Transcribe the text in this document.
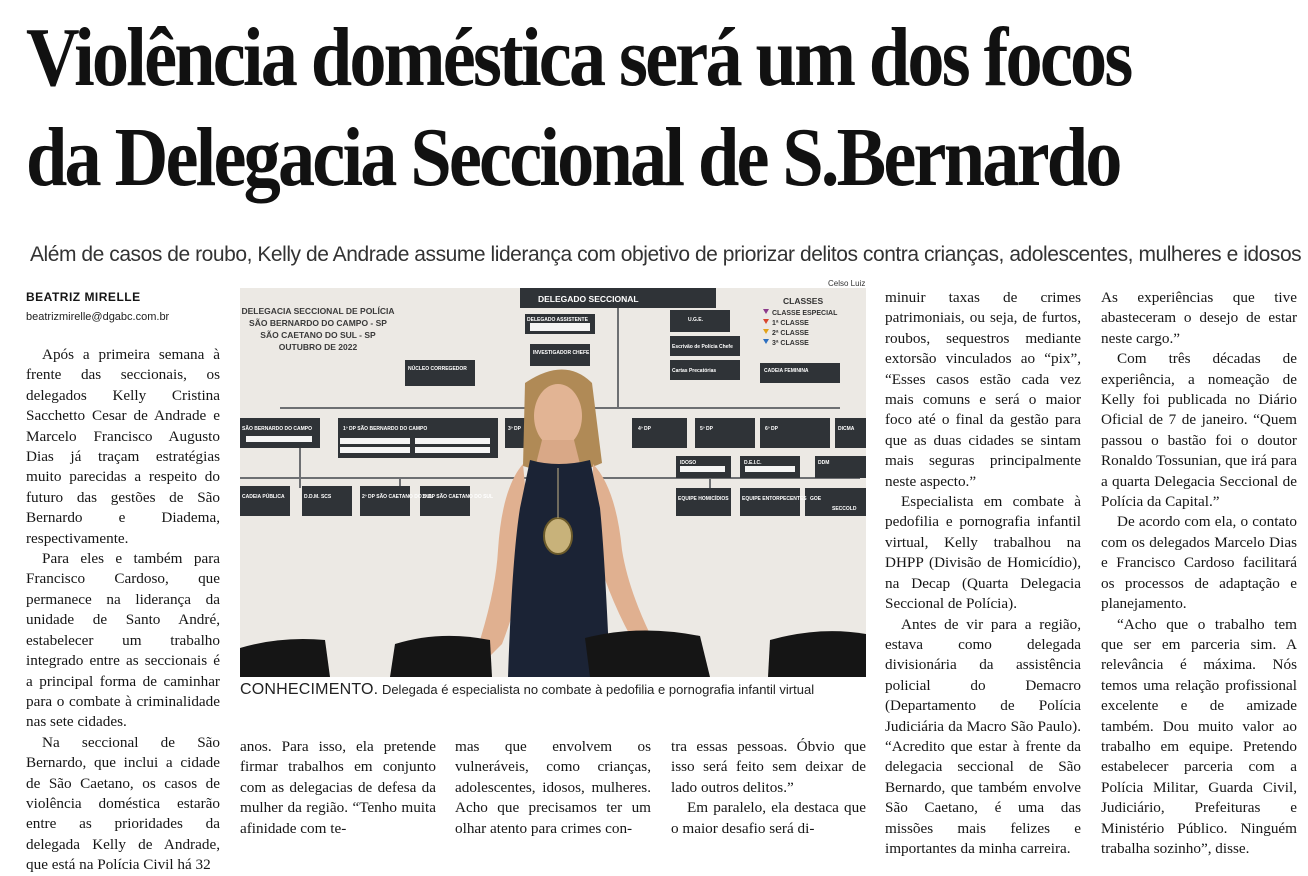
Violência doméstica será um dos focos
da Delegacia Seccional de S.Bernardo

Além de casos de roubo, Kelly de Andrade assume liderança com objetivo de priorizar delitos contra crianças, adolescentes, mulheres e idosos

BEATRIZ MIRELLE
beatrizmirelle@dgabc.com.br

Após a primeira semana à frente das seccionais, os delegados Kelly Cristina Sacchetto Cesar de Andrade e Marcelo Francisco Augusto Dias já traçam estratégias muito parecidas a respeito do futuro das gestões de São Bernardo e Diadema, respectivamente.

Para eles e também para Francisco Cardoso, que permanece na liderança da unidade de Santo André, estabelecer um trabalho integrado entre as seccionais é a principal forma de caminhar para o combate à criminalidade nas sete cidades.

Na seccional de São Bernardo, que inclui a cidade de São Caetano, os casos de violência doméstica estarão entre as prioridades da delegada Kelly de Andrade, que está na Polícia Civil há 32

Celso Luiz
DELEGADO SECCIONAL
DELEGACIA SECCIONAL DE POLÍCIA
SÃO BERNARDO DO CAMPO - SP
SÃO CAETANO DO SUL - SP
OUTUBRO DE 2022
CLASSES
CLASSE ESPECIAL
1ª CLASSE
2ª CLASSE
3ª CLASSE
DELEGADO ASSISTENTE	U.G.E.
INVESTIGADOR CHEFE
Escrivão de Polícia Chefe
Cartas Precatórias
NÚCLEO CORREGEDOR	CADEIA FEMININA
SÃO BERNARDO DO CAMPO	1º DP SÃO BERNARDO DO CAMPO	3º DP	4º DP	5º DP	6º DP
IDOSO	D.E.I.C.	DDM
DICMA
CADEIA PÚBLICA	D.D.M. SCS	2º DP SÃO CAETANO DO SUL
1º DP SÃO CAETANO DO SUL	EQUIPE HOMICÍDIOS	EQUIPE ENTORPECENTES GOE
SECCOLD
CONHECIMENTO. Delegada é especialista no combate à pedofilia e pornografia infantil virtual

anos. Para isso, ela pretende firmar trabalhos em conjunto com as delegacias de defesa da mulher da região. “Tenho muita afinidade com te-

mas que envolvem os vulneráveis, como crianças, adolescentes, idosos, mulheres. Acho que precisamos ter um olhar atento para crimes con-

tra essas pessoas. Óbvio que isso será feito sem deixar de lado outros delitos.”

Em paralelo, ela destaca que o maior desafio será di-

minuir taxas de crimes patrimoniais, ou seja, de furtos, roubos, sequestros mediante extorsão vinculados ao “pix”, “Esses casos estão cada vez mais comuns e será o maior foco até o final da gestão para que as duas cidades se sintam mais seguras principalmente neste aspecto.”

Especialista em combate à pedofilia e pornografia infantil virtual, Kelly trabalhou na DHPP (Divisão de Homicídio), na Decap (Quarta Delegacia Seccional de Polícia).

Antes de vir para a região, estava como delegada divisionária da assistência policial do Demacro (Departamento de Polícia Judiciária da Macro São Paulo). “Acredito que estar à frente da delegacia seccional de São Bernardo, que também envolve São Caetano, é uma das missões mais felizes e importantes da minha carreira.

As experiências que tive abasteceram o desejo de estar neste cargo.”

Com três décadas de experiência, a nomeação de Kelly foi publicada no Diário Oficial de 7 de janeiro. “Quem passou o bastão foi o doutor Ronaldo Tossunian, que irá para a quarta Delegacia Seccional de Polícia da Capital.”

De acordo com ela, o contato com os delegados Marcelo Dias e Francisco Cardoso facilitará os processos de adaptação e planejamento.

“Acho que o trabalho tem que ser em parceria sim. A relevância é máxima. Nós temos uma relação profissional excelente e de amizade também. Dou muito valor ao trabalho em equipe. Pretendo estabelecer parceria com a Polícia Militar, Guarda Civil, Judiciário, Prefeituras e Ministério Público. Ninguém trabalha sozinho”, disse.
